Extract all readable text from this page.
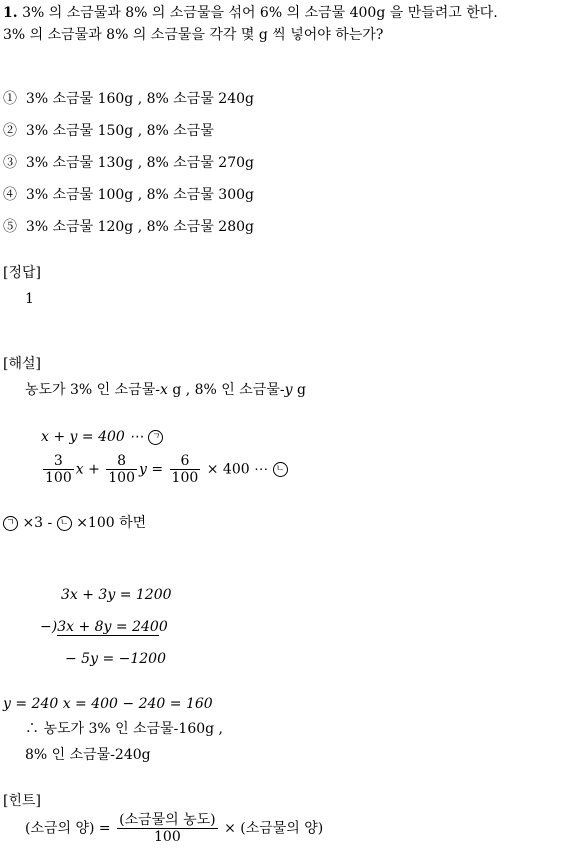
1. 3% 의 소금물과 8% 의 소금물을 섞어 6% 의 소금물 400g 을 만들려고 한다.
3% 의 소금물과 8% 의 소금물을 각각 몇 g 씩 넣어야 하는가?
① 3% 소금물 160g , 8% 소금물 240g
② 3% 소금물 150g , 8% 소금물
③ 3% 소금물 130g , 8% 소금물 270g
④ 3% 소금물 100g , 8% 소금물 300g
⑤ 3% 소금물 120g , 8% 소금물 280g
[정답]
1
[해설]
농도가 3% 인 소금물-x g , 8% 인 소금물-y g
x + y = 400 ⋯ ㄱ
$\frac{3}{100}$ $x + \frac{8}{100}$ $y = \frac{6}{100} \times 400$ ⋯ ㄴ
ㄱ ×3 - ㄴ ×100 하면
3x + 3y = 1200
−)3x + 8y = 2400
− 5y = −1200
y = 240 x = 400 − 240 = 160
∴ 농도가 3% 인 소금물-160g ,
8% 인 소금물-240g
[힌트]
(소금의 양) = $\frac{\text{(소금물의 농도)}}{100}$ × (소금물의 양)
